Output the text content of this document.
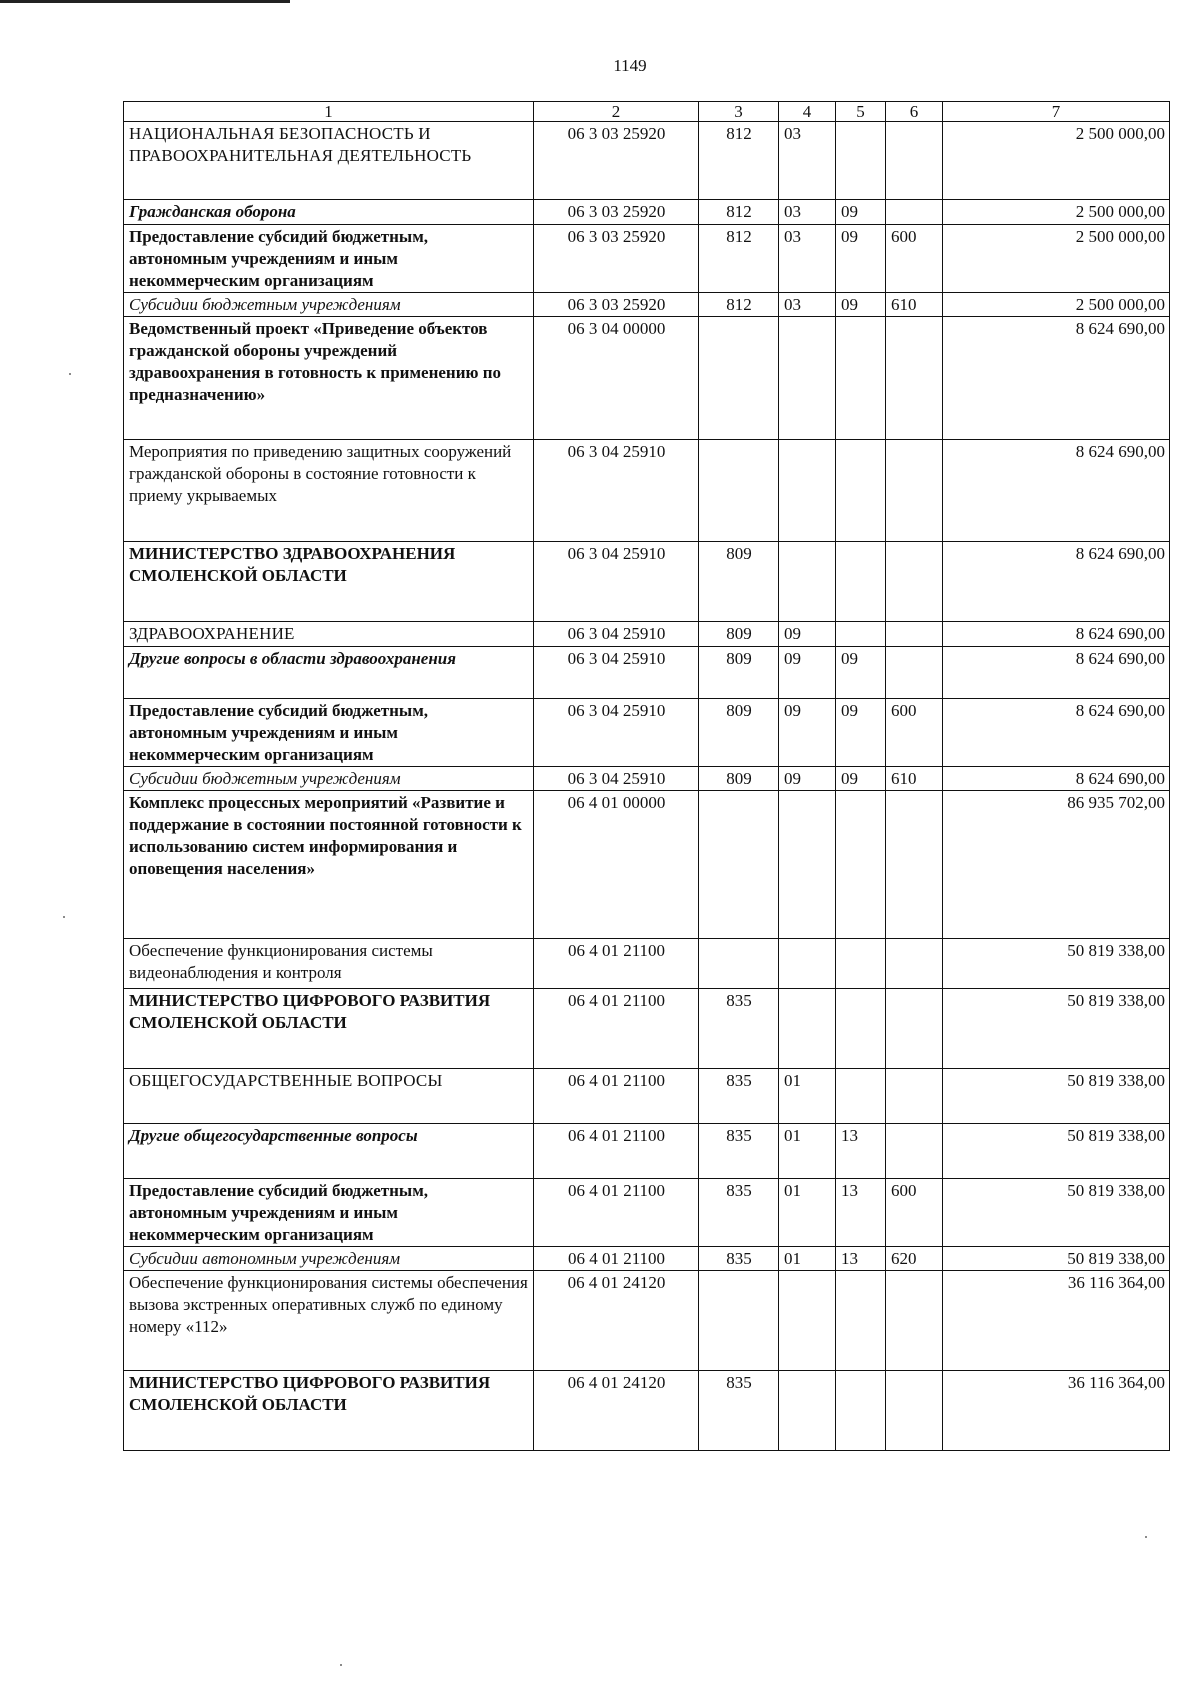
1149
1	2	3	4	5	6	7
НАЦИОНАЛЬНАЯ БЕЗОПАСНОСТЬ И ПРАВООХРАНИТЕЛЬНАЯ ДЕЯТЕЛЬНОСТЬ	06 3 03 25920	812	03			2 500 000,00
Гражданская оборона	06 3 03 25920	812	03	09		2 500 000,00
Предоставление субсидий бюджетным, автономным учреждениям и иным некоммерческим организациям	06 3 03 25920	812	03	09	600	2 500 000,00
Субсидии бюджетным учреждениям	06 3 03 25920	812	03	09	610	2 500 000,00
Ведомственный проект «Приведение объектов гражданской обороны учреждений здравоохранения в готовность к применению по предназначению»	06 3 04 00000					8 624 690,00
Мероприятия по приведению защитных сооружений гражданской обороны в состояние готовности к приему укрываемых	06 3 04 25910					8 624 690,00
МИНИСТЕРСТВО ЗДРАВООХРАНЕНИЯ СМОЛЕНСКОЙ ОБЛАСТИ	06 3 04 25910	809				8 624 690,00
ЗДРАВООХРАНЕНИЕ	06 3 04 25910	809	09			8 624 690,00
Другие вопросы в области здравоохранения	06 3 04 25910	809	09	09		8 624 690,00
Предоставление субсидий бюджетным, автономным учреждениям и иным некоммерческим организациям	06 3 04 25910	809	09	09	600	8 624 690,00
Субсидии бюджетным учреждениям	06 3 04 25910	809	09	09	610	8 624 690,00
Комплекс процессных мероприятий «Развитие и поддержание в состоянии постоянной готовности к использованию систем информирования и оповещения населения»	06 4 01 00000					86 935 702,00
Обеспечение функционирования системы видеонаблюдения и контроля	06 4 01 21100					50 819 338,00
МИНИСТЕРСТВО ЦИФРОВОГО РАЗВИТИЯ СМОЛЕНСКОЙ ОБЛАСТИ	06 4 01 21100	835				50 819 338,00
ОБЩЕГОСУДАРСТВЕННЫЕ ВОПРОСЫ	06 4 01 21100	835	01			50 819 338,00
Другие общегосударственные вопросы	06 4 01 21100	835	01	13		50 819 338,00
Предоставление субсидий бюджетным, автономным учреждениям и иным некоммерческим организациям	06 4 01 21100	835	01	13	600	50 819 338,00
Субсидии автономным учреждениям	06 4 01 21100	835	01	13	620	50 819 338,00
Обеспечение функционирования системы обеспечения вызова экстренных оперативных служб по единому номеру «112»	06 4 01 24120					36 116 364,00
МИНИСТЕРСТВО ЦИФРОВОГО РАЗВИТИЯ СМОЛЕНСКОЙ ОБЛАСТИ	06 4 01 24120	835				36 116 364,00
